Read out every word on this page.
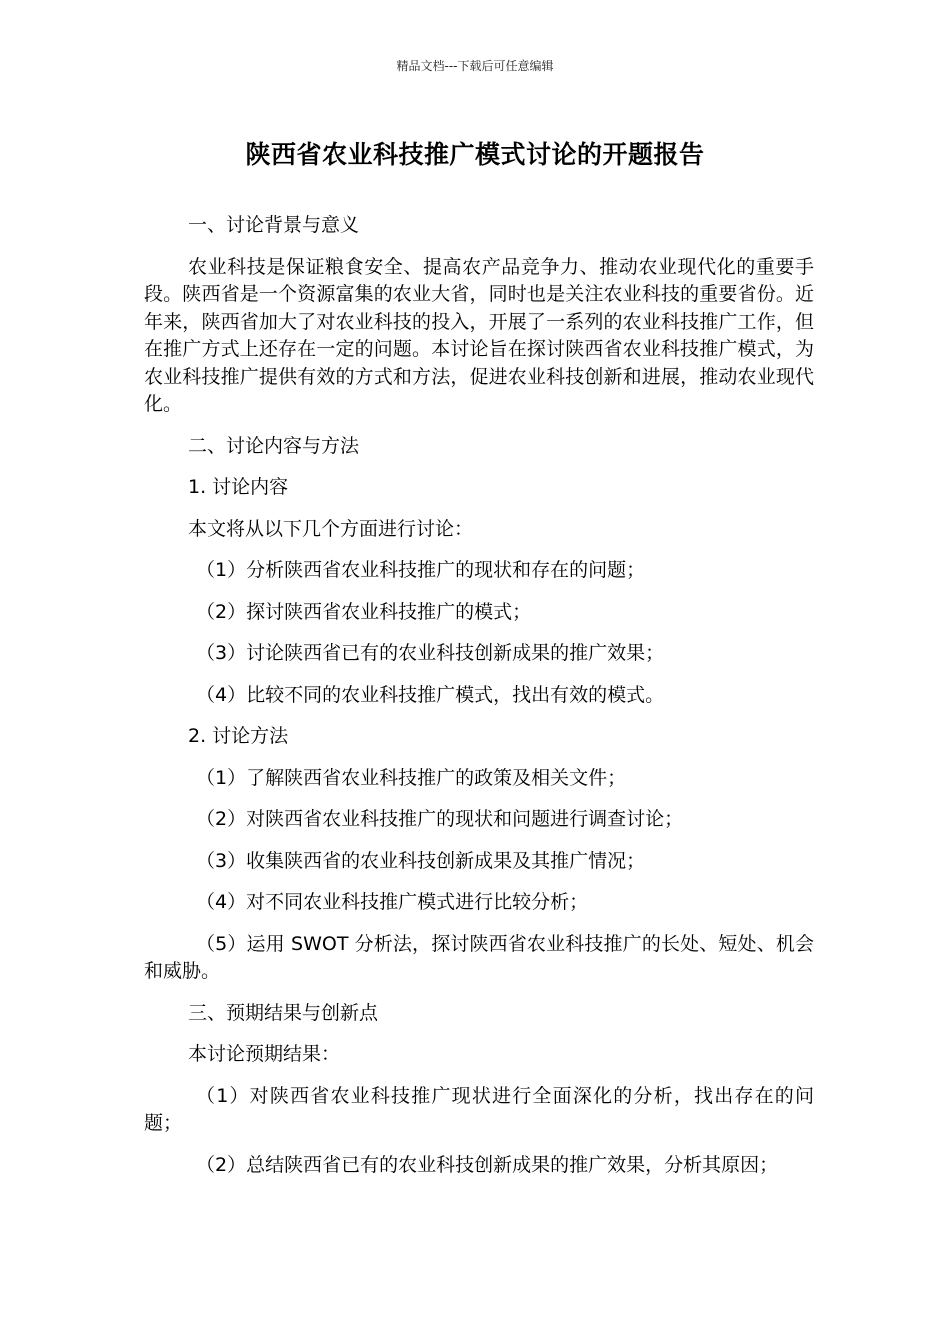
精品文档---下载后可任意编辑
陕西省农业科技推广模式讨论的开题报告

一、讨论背景与意义

农业科技是保证粮食安全、提高农产品竞争力、推动农业现代化的重要手段。陕西省是一个资源富集的农业大省，同时也是关注农业科技的重要省份。近年来，陕西省加大了对农业科技的投入，开展了一系列的农业科技推广工作，但在推广方式上还存在一定的问题。本讨论旨在探讨陕西省农业科技推广模式，为农业科技推广提供有效的方式和方法，促进农业科技创新和进展，推动农业现代化。

二、讨论内容与方法

1. 讨论内容

本文将从以下几个方面进行讨论：

（1）分析陕西省农业科技推广的现状和存在的问题；

（2）探讨陕西省农业科技推广的模式；

（3）讨论陕西省已有的农业科技创新成果的推广效果；

（4）比较不同的农业科技推广模式，找出有效的模式。

2. 讨论方法

（1）了解陕西省农业科技推广的政策及相关文件；

（2）对陕西省农业科技推广的现状和问题进行调查讨论；

（3）收集陕西省的农业科技创新成果及其推广情况；

（4）对不同农业科技推广模式进行比较分析；

（5）运用 SWOT 分析法，探讨陕西省农业科技推广的长处、短处、机会和威胁。

三、预期结果与创新点

本讨论预期结果：

（1）对陕西省农业科技推广现状进行全面深化的分析，找出存在的问题；

（2）总结陕西省已有的农业科技创新成果的推广效果，分析其原因；
